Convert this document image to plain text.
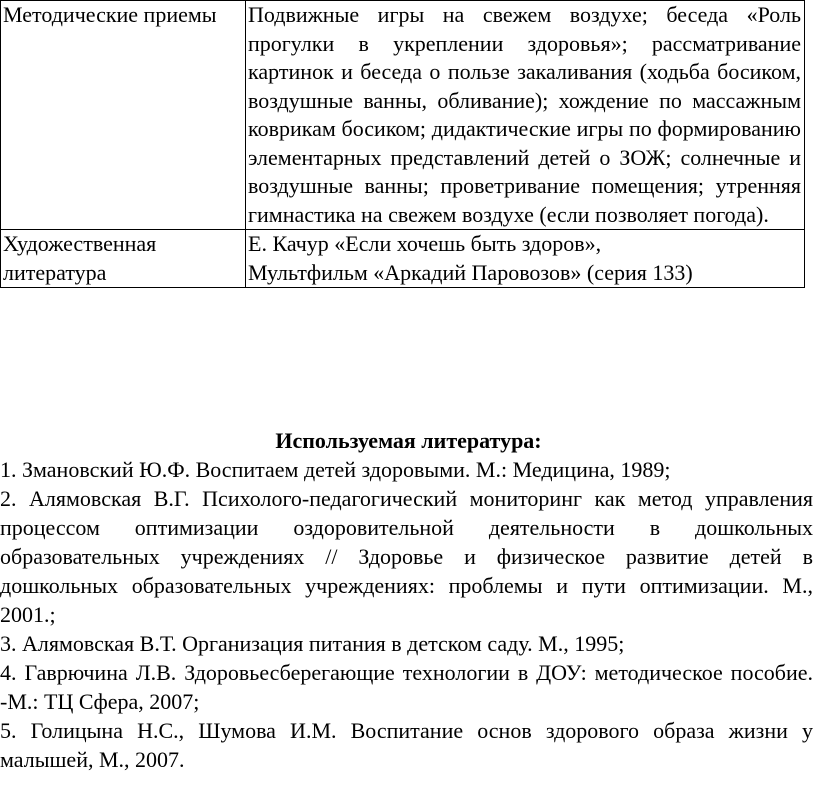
Методические приемы	Подвижные игры на свежем воздухе; беседа «Роль прогулки в укреплении здоровья»; рассматривание картинок и беседа о пользе закаливания (ходьба босиком, воздушные ванны, обливание); хождение по массажным коврикам босиком; дидактические игры по формированию элементарных представлений детей о ЗОЖ; солнечные и воздушные ванны; проветривание помещения; утренняя гимнастика на свежем воздухе (если позволяет погода).
Художественная литература	Е. Качур «Если хочешь быть здоров»,
Мультфильм «Аркадий Паровозов» (серия 133)

Используемая литература:

1. Змановский Ю.Ф. Воспитаем детей здоровыми. М.: Медицина, 1989;
2. Алямовская В.Г. Психолого-педагогический мониторинг как метод управления процессом оптимизации оздоровительной деятельности в дошкольных образовательных учреждениях // Здоровье и физическое развитие детей в дошкольных образовательных учреждениях: проблемы и пути оптимизации. М., 2001.;
3. Алямовская В.Т. Организация питания в детском саду. М., 1995;
4. Гаврючина Л.В. Здоровьесберегающие технологии в ДОУ: методическое пособие. -М.: ТЦ Сфера, 2007;
5. Голицына Н.С., Шумова И.М. Воспитание основ здорового образа жизни у малышей, М., 2007.
